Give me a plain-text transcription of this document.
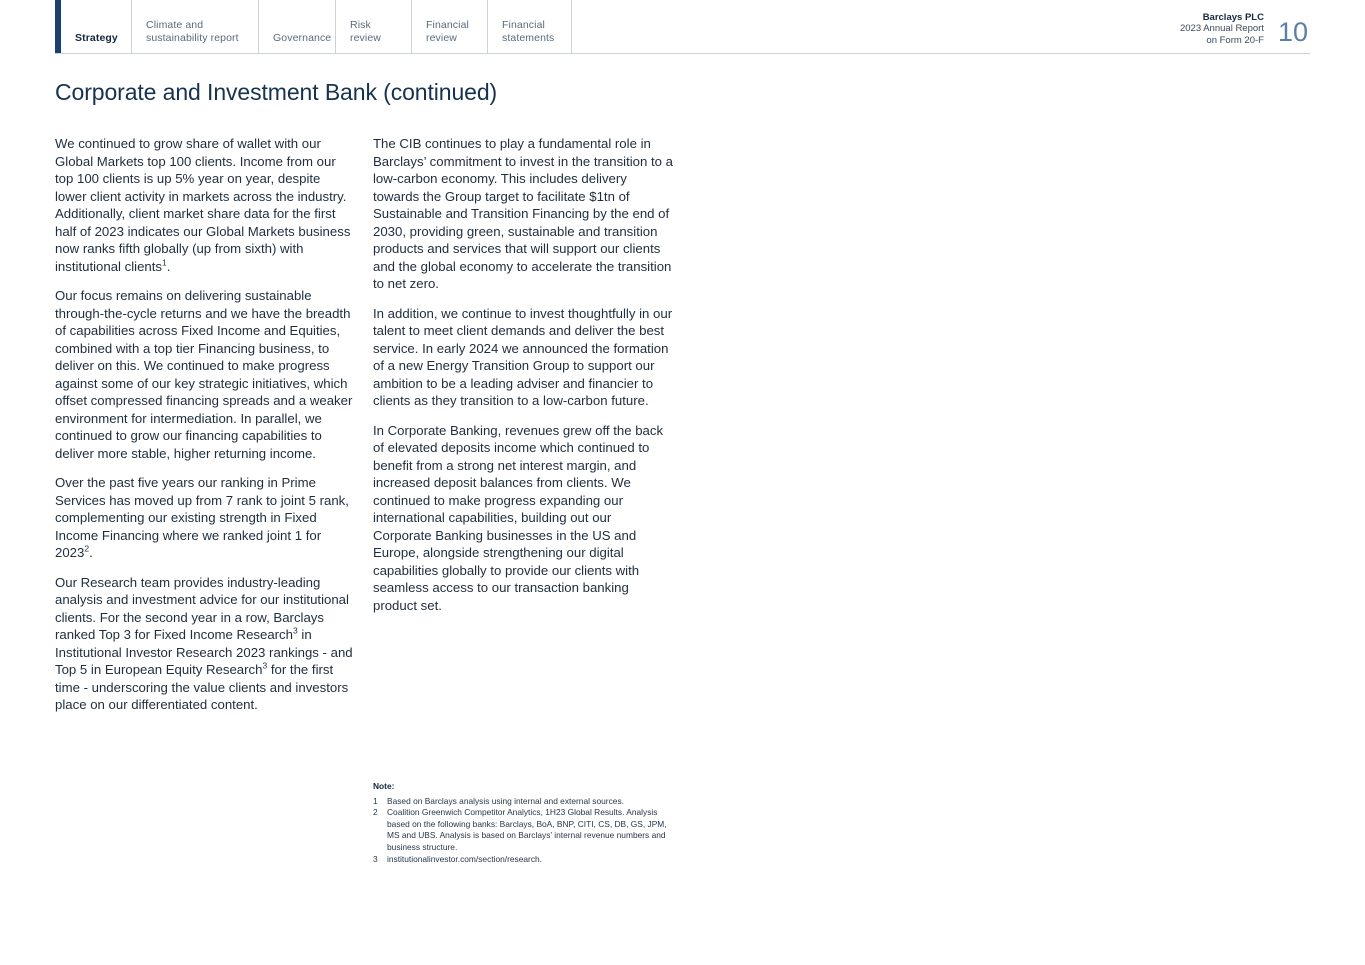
Strategy
Climate and sustainability report	Governance
Risk review
Financial review
Financial statements
Barclays PLC
2023 Annual Report
on Form 20-F 10
Corporate and Investment Bank (continued)

We continued to grow share of wallet with our Global Markets top 100 clients. Income from our top 100 clients is up 5% year on year, despite lower client activity in markets across the industry. Additionally, client market share data for the first half of 2023 indicates our Global Markets business now ranks fifth globally (up from sixth) with institutional clients$^1$.

Our focus remains on delivering sustainable through-the-cycle returns and we have the breadth of capabilities across Fixed Income and Equities, combined with a top tier Financing business, to deliver on this. We continued to make progress against some of our key strategic initiatives, which offset compressed financing spreads and a weaker environment for intermediation. In parallel, we continued to grow our financing capabilities to deliver more stable, higher returning income.

Over the past five years our ranking in Prime Services has moved up from 7 rank to joint 5 rank, complementing our existing strength in Fixed Income Financing where we ranked joint 1 for 2023$^2$.

Our Research team provides industry-leading analysis and investment advice for our institutional clients. For the second year in a row, Barclays ranked Top 3 for Fixed Income Research$^3$ in Institutional Investor Research 2023 rankings - and Top 5 in European Equity Research$^3$ for the first time - underscoring the value clients and investors place on our differentiated content.

The CIB continues to play a fundamental role in Barclays’ commitment to invest in the transition to a low-carbon economy. This includes delivery towards the Group target to facilitate $1tn of Sustainable and Transition Financing by the end of 2030, providing green, sustainable and transition products and services that will support our clients and the global economy to accelerate the transition to net zero.

In addition, we continue to invest thoughtfully in our talent to meet client demands and deliver the best service. In early 2024 we announced the formation of a new Energy Transition Group to support our ambition to be a leading adviser and financier to clients as they transition to a low-carbon future.

In Corporate Banking, revenues grew off the back of elevated deposits income which continued to benefit from a strong net interest margin, and increased deposit balances from clients. We continued to make progress expanding our international capabilities, building out our Corporate Banking businesses in the US and Europe, alongside strengthening our digital capabilities globally to provide our clients with seamless access to our transaction banking product set.

Note:
1	Based on Barclays analysis using internal and external sources.
2	Coalition Greenwich Competitor Analytics, 1H23 Global Results. Analysis based on the following banks: Barclays, BoA, BNP, CITI, CS, DB, GS, JPM, MS and UBS. Analysis is based on Barclays’ internal revenue numbers and business structure.
3	institutionalinvestor.com/section/research.
